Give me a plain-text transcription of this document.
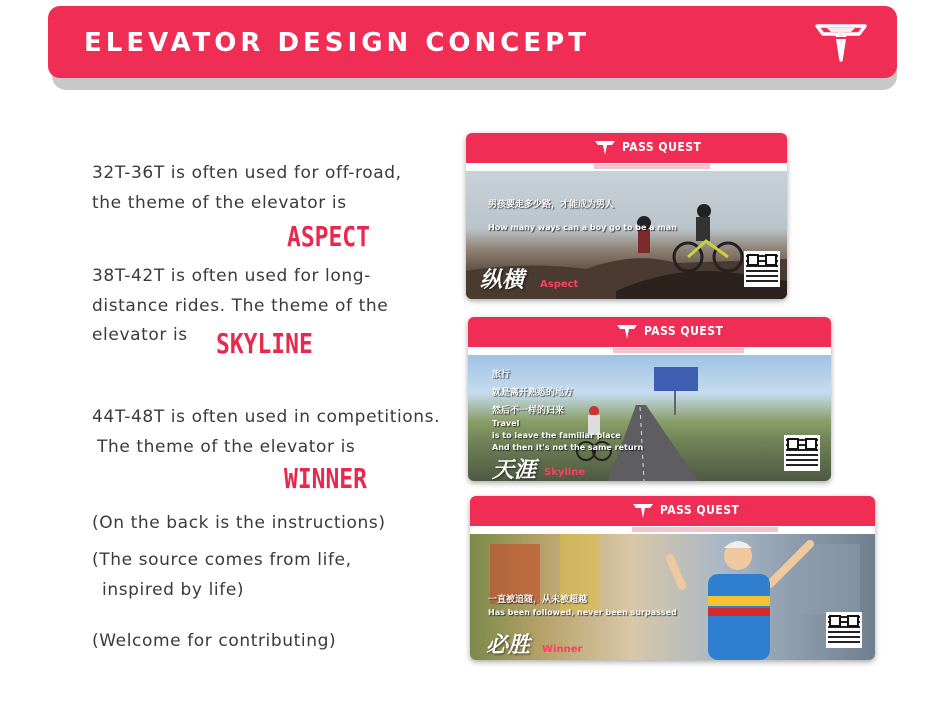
ELEVATOR DESIGN CONCEPT
32T-36T is often used for off-road,
the theme of the elevator is
ASPECT
38T-42T is often used for long-
distance rides. The theme of the
elevator is SKYLINE
44T-48T is often used in competitions.
The theme of the elevator is
WINNER
(On the back is the instructions)
(The source comes from life,
inspired by life)
(Welcome for contributing)
PASS QUEST
男孩要走多少路，才能成为男人
How many ways can a boy go to be a man
纵横 Aspect
PASS QUEST
旅行
就是离开熟悉的地方
然后不一样的归来
Travel
is to leave the familiar place
And then it's not the same return
天涯 Skyline
PASS QUEST
一直被追随，从未被超越
Has been followed, never been surpassed
必胜 Winner
